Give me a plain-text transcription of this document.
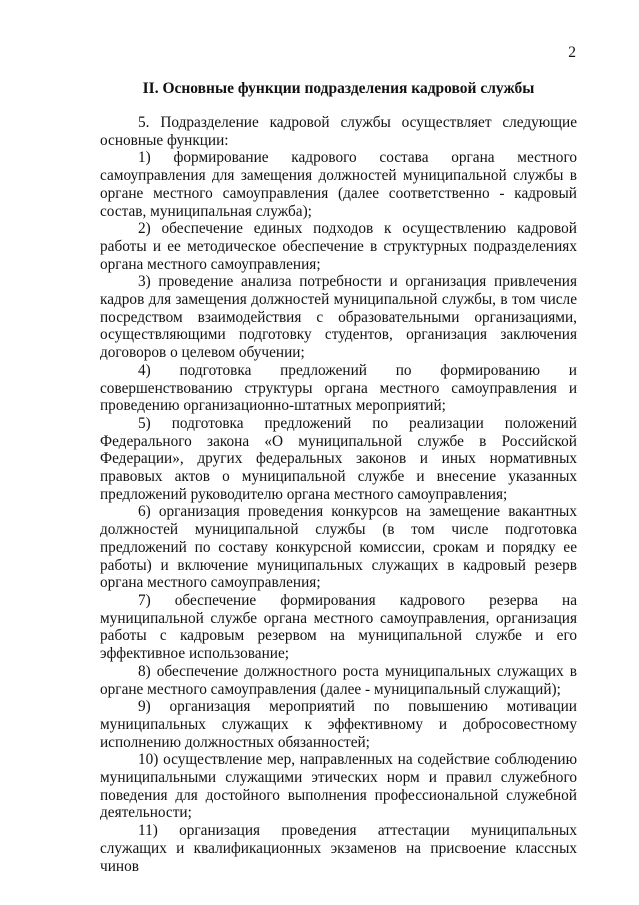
2
II. Основные функции подразделения кадровой службы

5. Подразделение кадровой службы осуществляет следующие основные функции:

1) формирование кадрового состава органа местного самоуправления для замещения должностей муниципальной службы в органе местного самоуправления (далее соответственно - кадровый состав, муниципальная служба);

2) обеспечение единых подходов к осуществлению кадровой работы и ее методическое обеспечение в структурных подразделениях органа местного самоуправления;

3) проведение анализа потребности и организация привлечения кадров для замещения должностей муниципальной службы, в том числе посредством взаимодействия с образовательными организациями, осуществляющими подготовку студентов, организация заключения договоров о целевом обучении;

4) подготовка предложений по формированию и совершенствованию структуры органа местного самоуправления и проведению организационно-штатных мероприятий;

5) подготовка предложений по реализации положений Федерального закона «О муниципальной службе в Российской Федерации», других федеральных законов и иных нормативных правовых актов о муниципальной службе и внесение указанных предложений руководителю органа местного самоуправления;

6) организация проведения конкурсов на замещение вакантных должностей муниципальной службы (в том числе подготовка предложений по составу конкурсной комиссии, срокам и порядку ее работы) и включение муниципальных служащих в кадровый резерв органа местного самоуправления;

7) обеспечение формирования кадрового резерва на муниципальной службе органа местного самоуправления, организация работы с кадровым резервом на муниципальной службе и его эффективное использование;

8) обеспечение должностного роста муниципальных служащих в органе местного самоуправления (далее - муниципальный служащий);

9) организация мероприятий по повышению мотивации муниципальных служащих к эффективному и добросовестному исполнению должностных обязанностей;

10) осуществление мер, направленных на содействие соблюдению муниципальными служащими этических норм и правил служебного поведения для достойного выполнения профессиональной служебной деятельности;

11) организация проведения аттестации муниципальных служащих и квалификационных экзаменов на присвоение классных чинов
